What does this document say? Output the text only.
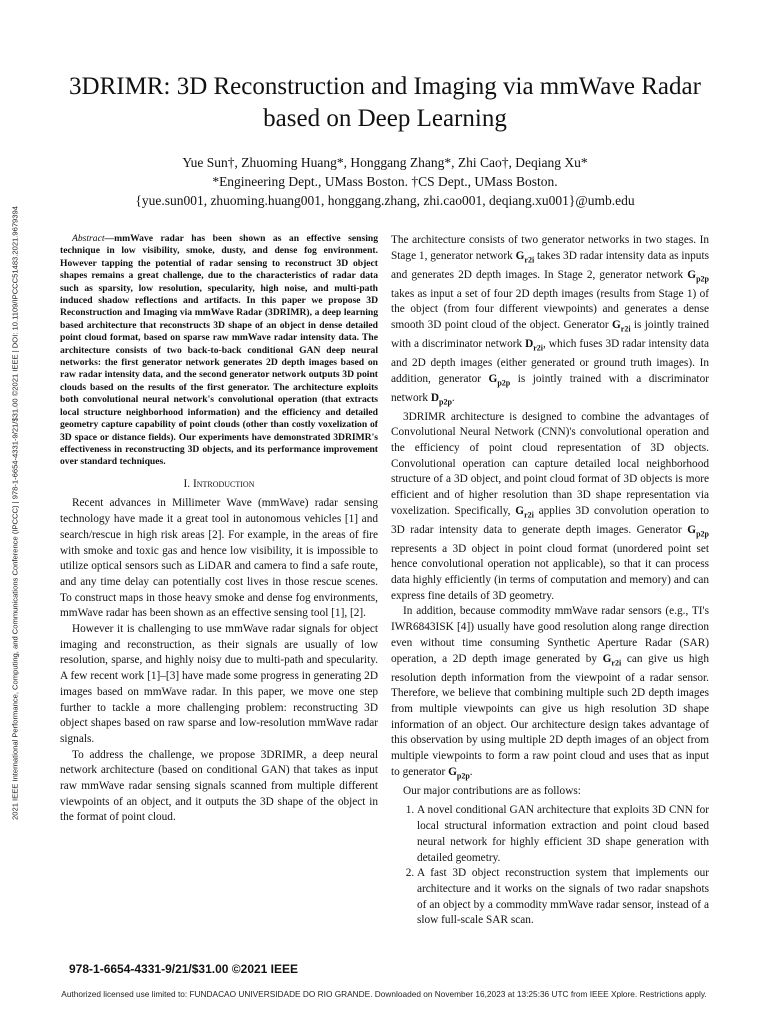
2021 IEEE International Performance, Computing, and Communications Conference (IPCCC) | 978-1-6654-4331-9/21/$31.00 ©2021 IEEE | DOI: 10.1109/IPCCC51483.2021.9679394
3DRIMR: 3D Reconstruction and Imaging via mmWave Radar
based on Deep Learning
Yue Sun†, Zhuoming Huang*, Honggang Zhang*, Zhi Cao†, Deqiang Xu*
*Engineering Dept., UMass Boston. †CS Dept., UMass Boston.
{yue.sun001, zhuoming.huang001, honggang.zhang, zhi.cao001, deqiang.xu001}@umb.edu

Abstract—mmWave radar has been shown as an effective sensing technique in low visibility, smoke, dusty, and dense fog environment. However tapping the potential of radar sensing to reconstruct 3D object shapes remains a great challenge, due to the characteristics of radar data such as sparsity, low resolution, specularity, high noise, and multi-path induced shadow reflections and artifacts. In this paper we propose 3D Reconstruction and Imaging via mmWave Radar (3DRIMR), a deep learning based architecture that reconstructs 3D shape of an object in dense detailed point cloud format, based on sparse raw mmWave radar intensity data. The architecture consists of two back-to-back conditional GAN deep neural networks: the first generator network generates 2D depth images based on raw radar intensity data, and the second generator network outputs 3D point clouds based on the results of the first generator. The architecture exploits both convolutional neural network's convolutional operation (that extracts local structure neighborhood information) and the efficiency and detailed geometry capture capability of point clouds (other than costly voxelization of 3D space or distance fields). Our experiments have demonstrated 3DRIMR's effectiveness in reconstructing 3D objects, and its performance improvement over standard techniques.

I. Introduction

Recent advances in Millimeter Wave (mmWave) radar sensing technology have made it a great tool in autonomous vehicles [1] and search/rescue in high risk areas [2]. For example, in the areas of fire with smoke and toxic gas and hence low visibility, it is impossible to utilize optical sensors such as LiDAR and camera to find a safe route, and any time delay can potentially cost lives in those rescue scenes. To construct maps in those heavy smoke and dense fog environments, mmWave radar has been shown as an effective sensing tool [1], [2].

However it is challenging to use mmWave radar signals for object imaging and reconstruction, as their signals are usually of low resolution, sparse, and highly noisy due to multi-path and specularity. A few recent work [1]–[3] have made some progress in generating 2D images based on mmWave radar. In this paper, we move one step further to tackle a more challenging problem: reconstructing 3D object shapes based on raw sparse and low-resolution mmWave radar signals.

To address the challenge, we propose 3DRIMR, a deep neural network architecture (based on conditional GAN) that takes as input raw mmWave radar sensing signals scanned from multiple different viewpoints of an object, and it outputs the 3D shape of the object in the format of point cloud.

The architecture consists of two generator networks in two stages. In Stage 1, generator network $G_{r2i}$ takes 3D radar intensity data as inputs and generates 2D depth images. In Stage 2, generator network $G_{p2p}$ takes as input a set of four 2D depth images (results from Stage 1) of the object (from four different viewpoints) and generates a dense smooth 3D point cloud of the object. Generator $G_{r2i}$ is jointly trained with a discriminator network $D_{r2i}$, which fuses 3D radar intensity data and 2D depth images (either generated or ground truth images). In addition, generator $G_{p2p}$ is jointly trained with a discriminator network $D_{p2p}$.

3DRIMR architecture is designed to combine the advantages of Convolutional Neural Network (CNN)'s convolutional operation and the efficiency of point cloud representation of 3D objects. Convolutional operation can capture detailed local neighborhood structure of a 3D object, and point cloud format of 3D objects is more efficient and of higher resolution than 3D shape representation via voxelization. Specifically, $G_{r2i}$ applies 3D convolution operation to 3D radar intensity data to generate depth images. Generator $G_{p2p}$ represents a 3D object in point cloud format (unordered point set hence convolutional operation not applicable), so that it can process data highly efficiently (in terms of computation and memory) and can express fine details of 3D geometry.

In addition, because commodity mmWave radar sensors (e.g., TI's IWR6843ISK [4]) usually have good resolution along range direction even without time consuming Synthetic Aperture Radar (SAR) operation, a 2D depth image generated by $G_{r2i}$ can give us high resolution depth information from the viewpoint of a radar sensor. Therefore, we believe that combining multiple such 2D depth images from multiple viewpoints can give us high resolution 3D shape information of an object. Our architecture design takes advantage of this observation by using multiple 2D depth images of an object from multiple viewpoints to form a raw point cloud and uses that as input to generator $G_{p2p}$.

Our major contributions are as follows:

1. A novel conditional GAN architecture that exploits 3D CNN for local structural information extraction and point cloud based neural network for highly efficient 3D shape generation with detailed geometry.
2. A fast 3D object reconstruction system that implements our architecture and it works on the signals of two radar snapshots of an object by a commodity mmWave radar sensor, instead of a slow full-scale SAR scan.
978-1-6654-4331-9/21/$31.00 ©2021 IEEE
Authorized licensed use limited to: FUNDACAO UNIVERSIDADE DO RIO GRANDE. Downloaded on November 16,2023 at 13:25:36 UTC from IEEE Xplore. Restrictions apply.
